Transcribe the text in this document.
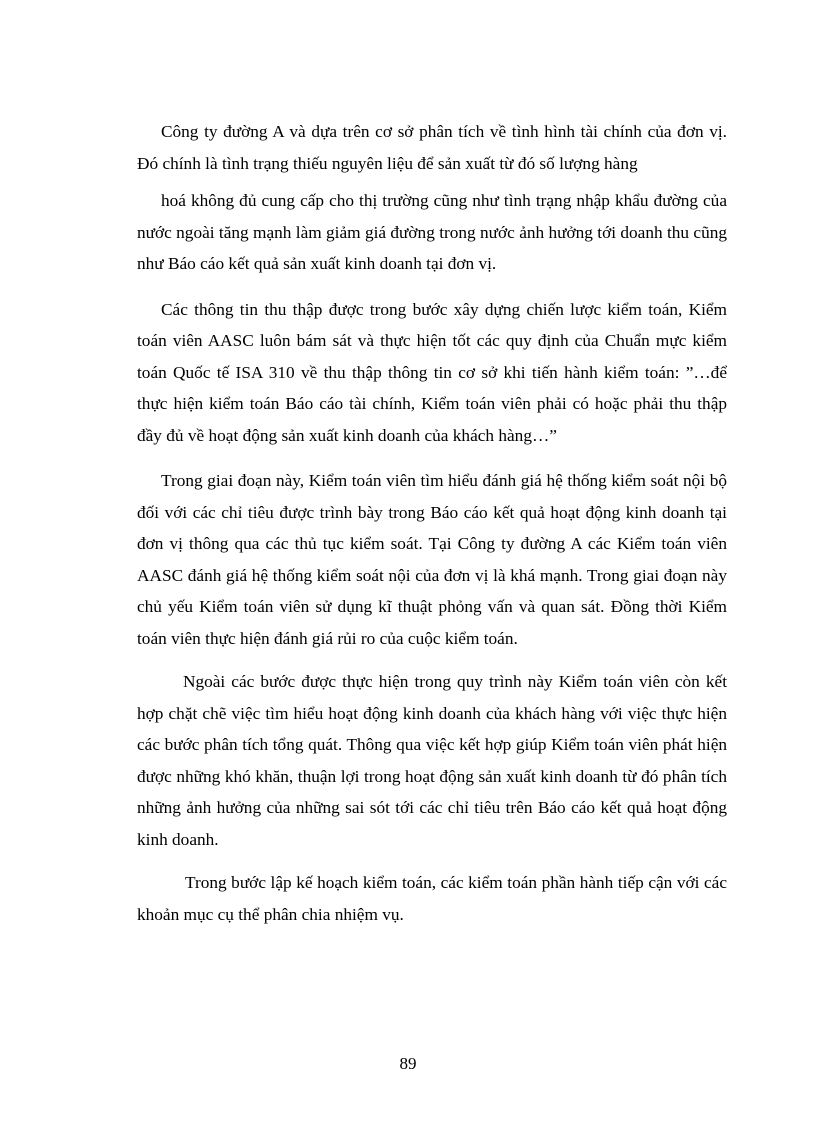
Công ty đường A và dựa trên cơ sở phân tích về tình hình tài chính của đơn vị. Đó chính là tình trạng thiếu nguyên liệu để sản xuất từ đó số lượng hàng

hoá không đủ cung cấp cho thị trường cũng như tình trạng nhập khẩu đường của nước ngoài tăng mạnh làm giảm giá đường trong nước ảnh hưởng tới doanh thu cũng như Báo cáo kết quả sản xuất kinh doanh tại đơn vị.

Các thông tin thu thập được trong bước xây dựng chiến lược kiểm toán, Kiểm toán viên AASC luôn bám sát và thực hiện tốt các quy định của Chuẩn mực kiểm toán Quốc tế ISA 310 về thu thập thông tin cơ sở khi tiến hành kiểm toán: ”…để thực hiện kiểm toán Báo cáo tài chính, Kiểm toán viên phải có hoặc phải thu thập đầy đủ về hoạt động sản xuất kinh doanh của khách hàng…”

Trong giai đoạn này, Kiểm toán viên tìm hiểu đánh giá hệ thống kiểm soát nội bộ đối với các chỉ tiêu được trình bày trong Báo cáo kết quả hoạt động kinh doanh tại đơn vị thông qua các thủ tục kiểm soát. Tại Công ty đường A các Kiểm toán viên AASC đánh giá hệ thống kiểm soát nội của đơn vị là khá mạnh. Trong giai đoạn này chủ yếu Kiểm toán viên sử dụng kĩ thuật phỏng vấn và quan sát. Đồng thời Kiểm toán viên thực hiện đánh giá rủi ro của cuộc kiểm toán.

Ngoài các bước được thực hiện trong quy trình này Kiểm toán viên còn kết hợp chặt chẽ việc tìm hiểu hoạt động kinh doanh của khách hàng với việc thực hiện các bước phân tích tổng quát. Thông qua việc kết hợp giúp Kiểm toán viên phát hiện được những khó khăn, thuận lợi trong hoạt động sản xuất kinh doanh từ đó phân tích những ảnh hưởng của những sai sót tới các chỉ tiêu trên Báo cáo kết quả hoạt động kinh doanh.

Trong bước lập kế hoạch kiểm toán, các kiểm toán phần hành tiếp cận với các khoản mục cụ thể phân chia nhiệm vụ.

89
